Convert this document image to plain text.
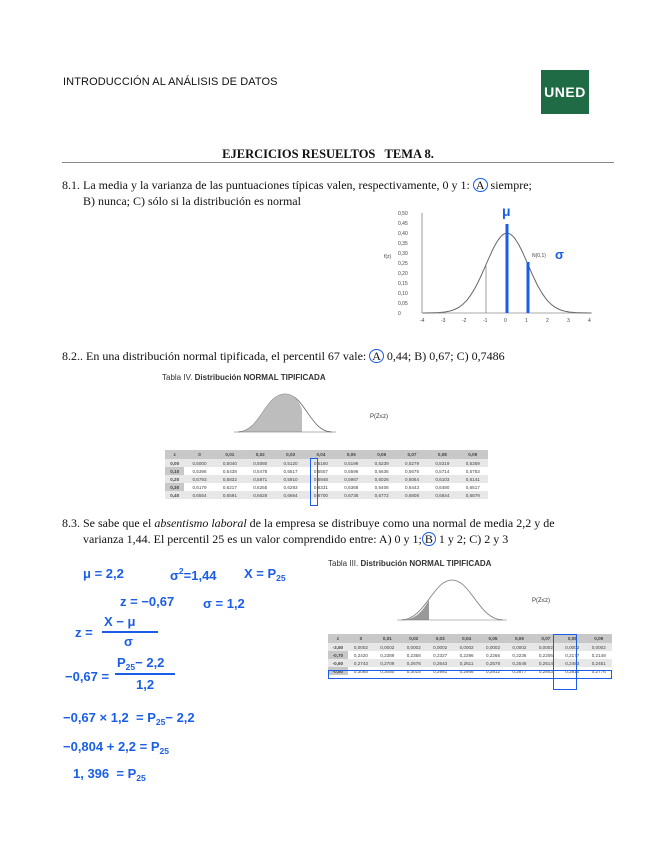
INTRODUCCIÓN AL ANÁLISIS DE DATOS
UNED
EJERCICIOS RESUELTOS   TEMA 8.
8.1. La media y la varianza de las puntuaciones típicas valen, respectivamente, 0 y 1: A siempre;
B) nunca; C) sólo si la distribución es normal
f(z)
0,50
0,45
0,40
0,35
0,30
0,25
0,20
0,15
0,10
0,05
0
-4	-3	-2	-1	0	1	2	3	4
μ
N(0,1) σ
8.2.. En una distribución normal tipificada, el percentil 67 vale: A 0,44; B) 0,67; C) 0,7486
Tabla IV. Distribución NORMAL TIPIFICADA
P(Z≤z)
z	0	0,01	0,02	0,03	0,04	0,05	0,06	0,07	0,08	0,09
0,00	0,5000	0,5040	0,5080	0,5120	0,5160	0,5199	0,5239	0,5279	0,5319	0,5359
0,10	0,5398	0,5438	0,5478	0,5517	0,5557	0,5596	0,5636	0,5675	0,5714	0,5753
0,20	0,5793	0,5832	0,5871	0,5910	0,5948	0,5987	0,6026	0,6064	0,6103	0,6141
0,30	0,6179	0,6217	0,6255	0,6293	0,6331	0,6368	0,6406	0,6443	0,6480	0,6517
0,40	0,6554	0,6591	0,6628	0,6664	0,6700	0,6736	0,6772	0,6808	0,6844	0,6879
8.3. Se sabe que el absentismo laboral de la empresa se distribuye como una normal de media 2,2 y de
varianza 1,44. El percentil 25 es un valor comprendido entre: A) 0 y 1; B 1 y 2; C) 2 y 3
μ = 2,2	$\sigma^2=1,44$ $X = P_{25}$
z = −0,67 σ = 1,2
z =
X − μ
σ
−0,67 =
$P_{25}- 2,2$
1,2
$-0,67 \times 1,2 = P_{25}- 2,2$
$-0,804 + 2,2 = P_{25}$
1, $396 = P_{25}$
Tabla III. Distribución NORMAL TIPIFICADA
P(Z≤z)
z	0	0,01	0,02	0,03	0,04	0,05	0,06	0,07	0,08	0,09
-3,50	0,0002	0,0002	0,0002	0,0002	0,0002	0,0002	0,0002	0,0002	0,0002	0,0002
-0,70	0,2420	0,2389	0,2358	0,2327	0,2296	0,2266	0,2236	0,2206	0,2177	0,2148
-0,60	0,2743	0,2709	0,2676	0,2643	0,2611	0,2578	0,2546	0,2514	0,2483	0,2451
-0,50	0,3085	0,3050	0,3015	0,2981	0,2946	0,2912	0,2877	0,2843	0,2810	0,2776
